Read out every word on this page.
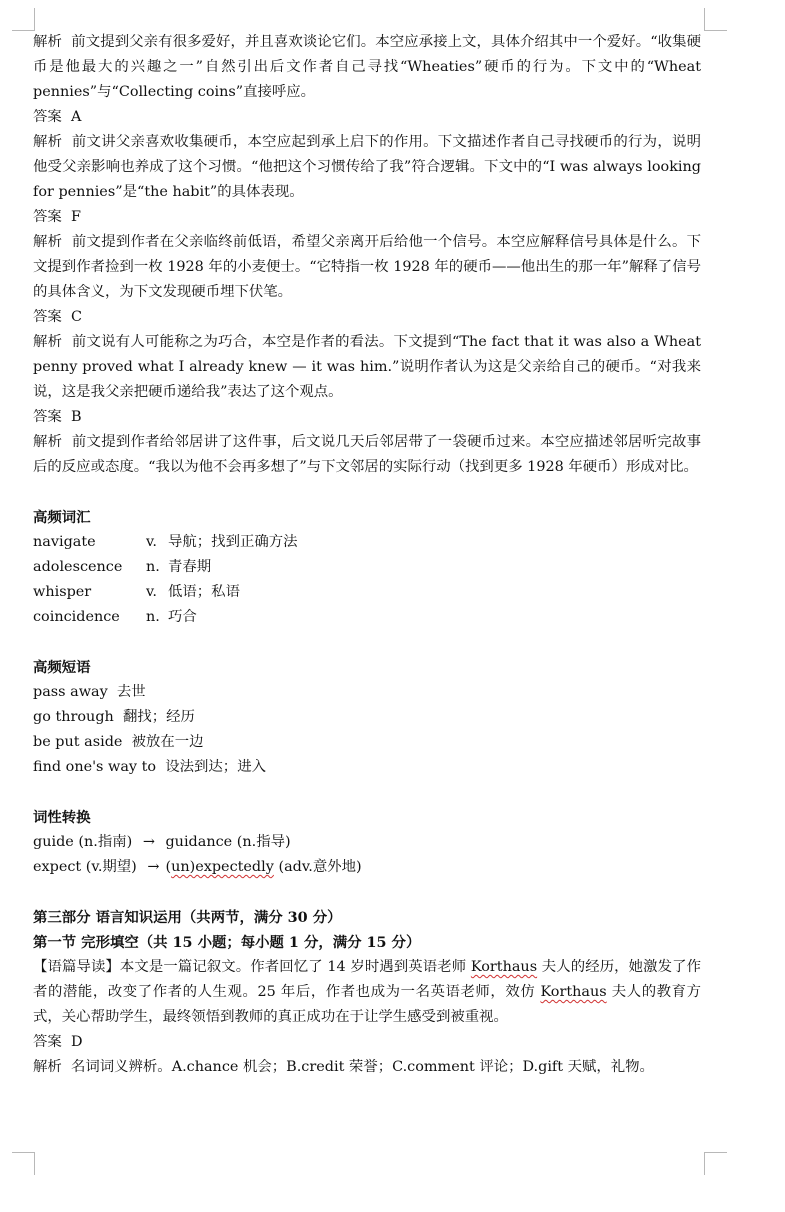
解析 前文提到父亲有很多爱好，并且喜欢谈论它们。本空应承接上文，具体介绍其中一个爱好。“收集硬币是他最大的兴趣之一”自然引出后文作者自己寻找“Wheaties”硬币的行为。下文中的“Wheat pennies”与“Collecting coins”直接呼应。

答案 A

解析 前文讲父亲喜欢收集硬币，本空应起到承上启下的作用。下文描述作者自己寻找硬币的行为，说明他受父亲影响也养成了这个习惯。“他把这个习惯传给了我”符合逻辑。下文中的“I was always looking for pennies”是“the habit”的具体表现。

答案 F

解析 前文提到作者在父亲临终前低语，希望父亲离开后给他一个信号。本空应解释信号具体是什么。下文提到作者捡到一枚 1928 年的小麦便士。“它特指一枚 1928 年的硬币——他出生的那一年”解释了信号的具体含义，为下文发现硬币埋下伏笔。

答案 C

解析 前文说有人可能称之为巧合，本空是作者的看法。下文提到“The fact that it was also a Wheat penny proved what I already knew — it was him.”说明作者认为这是父亲给自己的硬币。“对我来说，这是我父亲把硬币递给我”表达了这个观点。

答案 B

解析 前文提到作者给邻居讲了这件事，后文说几天后邻居带了一袋硬币过来。本空应描述邻居听完故事后的反应或态度。“我以为他不会再多想了”与下文邻居的实际行动（找到更多 1928 年硬币）形成对比。

高频词汇

navigate	v. 导航；找到正确方法
adolescence	n. 青春期
whisper	v. 低语；私语
coincidence	n. 巧合

高频短语

pass away 去世

go through 翻找；经历

be put aside 被放在一边

find one's way to 设法到达；进入

词性转换

guide (n.指南) → guidance (n.指导)

expect (v.期望) → (un)expectedly (adv.意外地)

第三部分 语言知识运用（共两节，满分 30 分）

第一节 完形填空（共 15 小题；每小题 1 分，满分 15 分）

【语篇导读】本文是一篇记叙文。作者回忆了 14 岁时遇到英语老师 Korthaus 夫人的经历，她激发了作者的潜能，改变了作者的人生观。25 年后，作者也成为一名英语老师，效仿 Korthaus 夫人的教育方式，关心帮助学生，最终领悟到教师的真正成功在于让学生感受到被重视。

答案 D

解析 名词词义辨析。A.chance 机会；B.credit 荣誉；C.comment 评论；D.gift 天赋，礼物。
